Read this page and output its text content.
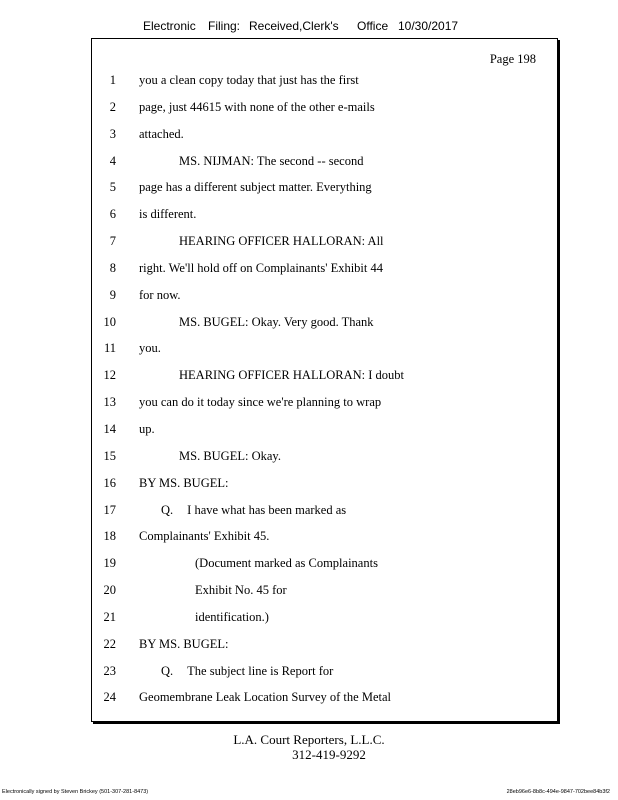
Electronic Filing: Received,Clerk's Office 10/30/2017
Page 198
1 you a clean copy today that just has the first
2 page, just 44615 with none of the other e-mails
3 attached.
4	MS. NIJMAN: The second -- second
5 page has a different subject matter. Everything
6 is different.
7	HEARING OFFICER HALLORAN: All
8 right. We'll hold off on Complainants' Exhibit 44
9 for now.
10	MS. BUGEL: Okay. Very good. Thank
11 you.
12	HEARING OFFICER HALLORAN: I doubt
13 you can do it today since we're planning to wrap
14 up.
15	MS. BUGEL: Okay.
16 BY MS. BUGEL:
17	Q. I have what has been marked as
18 Complainants' Exhibit 45.
19	(Document marked as Complainants
20	Exhibit No. 45 for
21	identification.)
22 BY MS. BUGEL:
23	Q. The subject line is Report for
24 Geomembrane Leak Location Survey of the Metal
L.A. Court Reporters, L.L.C.
312-419-9292
Electronically signed by Steven Brickey (501-307-281-8473)	28eb96e6-8b8c-494e-9847-702bee84b3f2
